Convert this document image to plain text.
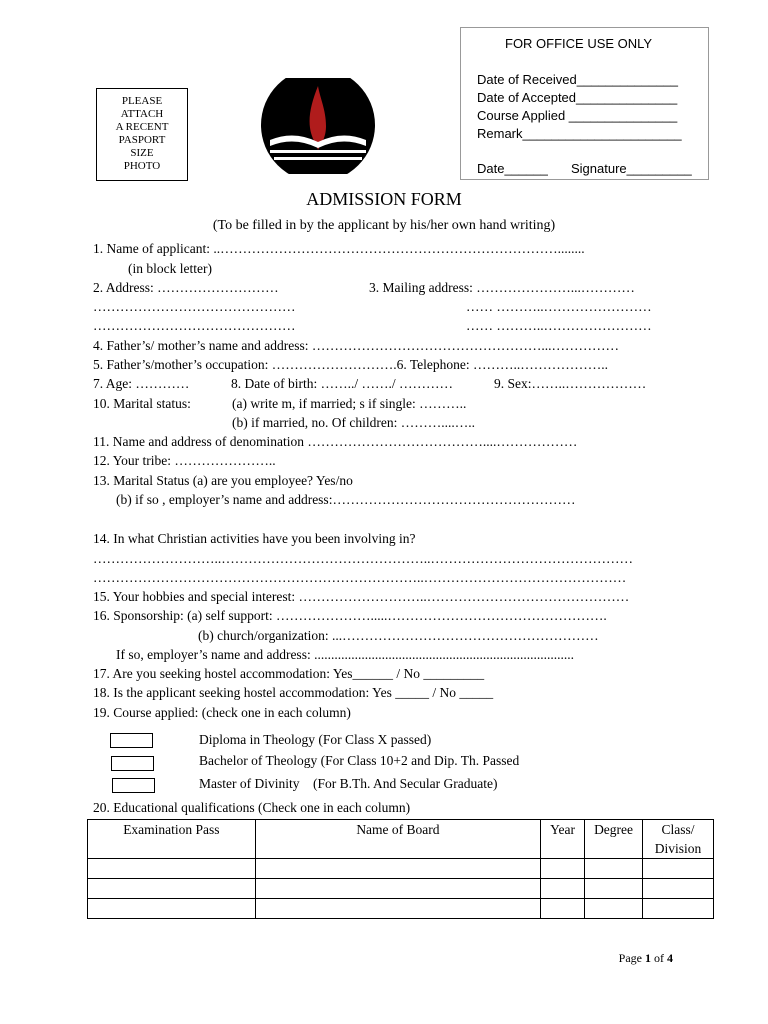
PLEASE
ATTACH
A RECENT
PASPORT
SIZE
PHOTO
FOR OFFICE USE ONLY
Date of Received______________
Date of Accepted______________
Course Applied _______________
Remark______________________
Date______ Signature_________
ADMISSION FORM
(To be filled in by the applicant by his/her own hand writing)
1. Name of applicant: ..…………………………………………………………………........
(in block letter)
2. Address: ………………………	3. Mailing address: …………………...…………
………………………………………	…… ………..……………………
………………………………………	…… ………..……………………
4. Father’s/ mother’s name and address: ……………………………………………...……………
5. Father’s/mother’s occupation: ……………………….6. Telephone: ………..………………..
7. Age: …………	8. Date of birth: ……../ ……./ …………	9. Sex:……..………………
10. Marital status:	(a) write m, if married; s if single: ………..
(b) if married, no. Of children: ………....…..
11. Name and address of denomination …………………………………....………………
12. Your tribe: …………………..
13. Marital Status (a) are you employee? Yes/no
(b) if so , employer’s name and address:………………………………………………
14. In what Christian activities have you been involving in?
………………………..………………………………………..………………………………………
………………………………………………………………..………………………………………
15. Your hobbies and special interest: ………………………..………………………………………
16. Sponsorship: (a) self support: ………………….....………………………………………….
(b) church/organization: ...…………………………………………………
If so, employer’s name and address: .............................................................................
17. Are you seeking hostel accommodation: Yes______ / No _________
18. Is the applicant seeking hostel accommodation: Yes _____ / No _____
19. Course applied: (check one in each column)
Diploma in Theology (For Class X passed)
Bachelor of Theology (For Class 10+2 and Dip. Th. Passed
Master of Divinity    (For B.Th. And Secular Graduate)
20. Educational qualifications (Check one in each column)
Examination Pass	Name of Board	Year	Degree	Class/ Division

Page 1 of 4
